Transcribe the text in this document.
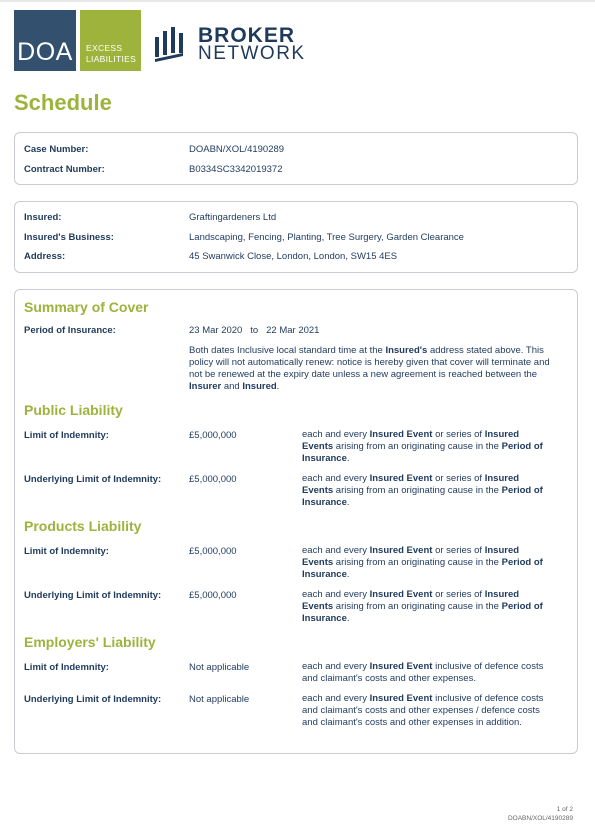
DOA EXCESS
LIABILITIES
BROKER
NETWORK
Schedule
Case Number:	DOABN/XOL/4190289
Contract Number:	B0334SC3342019372
Insured:	Graftingardeners Ltd
Insured's Business:	Landscaping, Fencing, Planting, Tree Surgery, Garden Clearance
Address:	45 Swanwick Close, London, London, SW15 4ES
Summary of Cover
Period of Insurance:	23 Mar 2020 to 22 Mar 2021
Both dates Inclusive local standard time at the Insured's address stated above. This policy will not automatically renew: notice is hereby given that cover will terminate and not be renewed at the expiry date unless a new agreement is reached between the Insurer and Insured.
Public Liability
Limit of Indemnity:	£5,000,000	each and every Insured Event or series of Insured Events arising from an originating cause in the Period of Insurance.
Underlying Limit of Indemnity:	£5,000,000	each and every Insured Event or series of Insured Events arising from an originating cause in the Period of Insurance.
Products Liability
Limit of Indemnity:	£5,000,000	each and every Insured Event or series of Insured Events arising from an originating cause in the Period of Insurance.
Underlying Limit of Indemnity:	£5,000,000	each and every Insured Event or series of Insured Events arising from an originating cause in the Period of Insurance.
Employers' Liability
Limit of Indemnity:	Not applicable	each and every Insured Event inclusive of defence costs and claimant's costs and other expenses.
Underlying Limit of Indemnity:	Not applicable	each and every Insured Event inclusive of defence costs and claimant's costs and other expenses / defence costs and claimant's costs and other expenses in addition.
1 of 2
DOABN/XOL/4190289
